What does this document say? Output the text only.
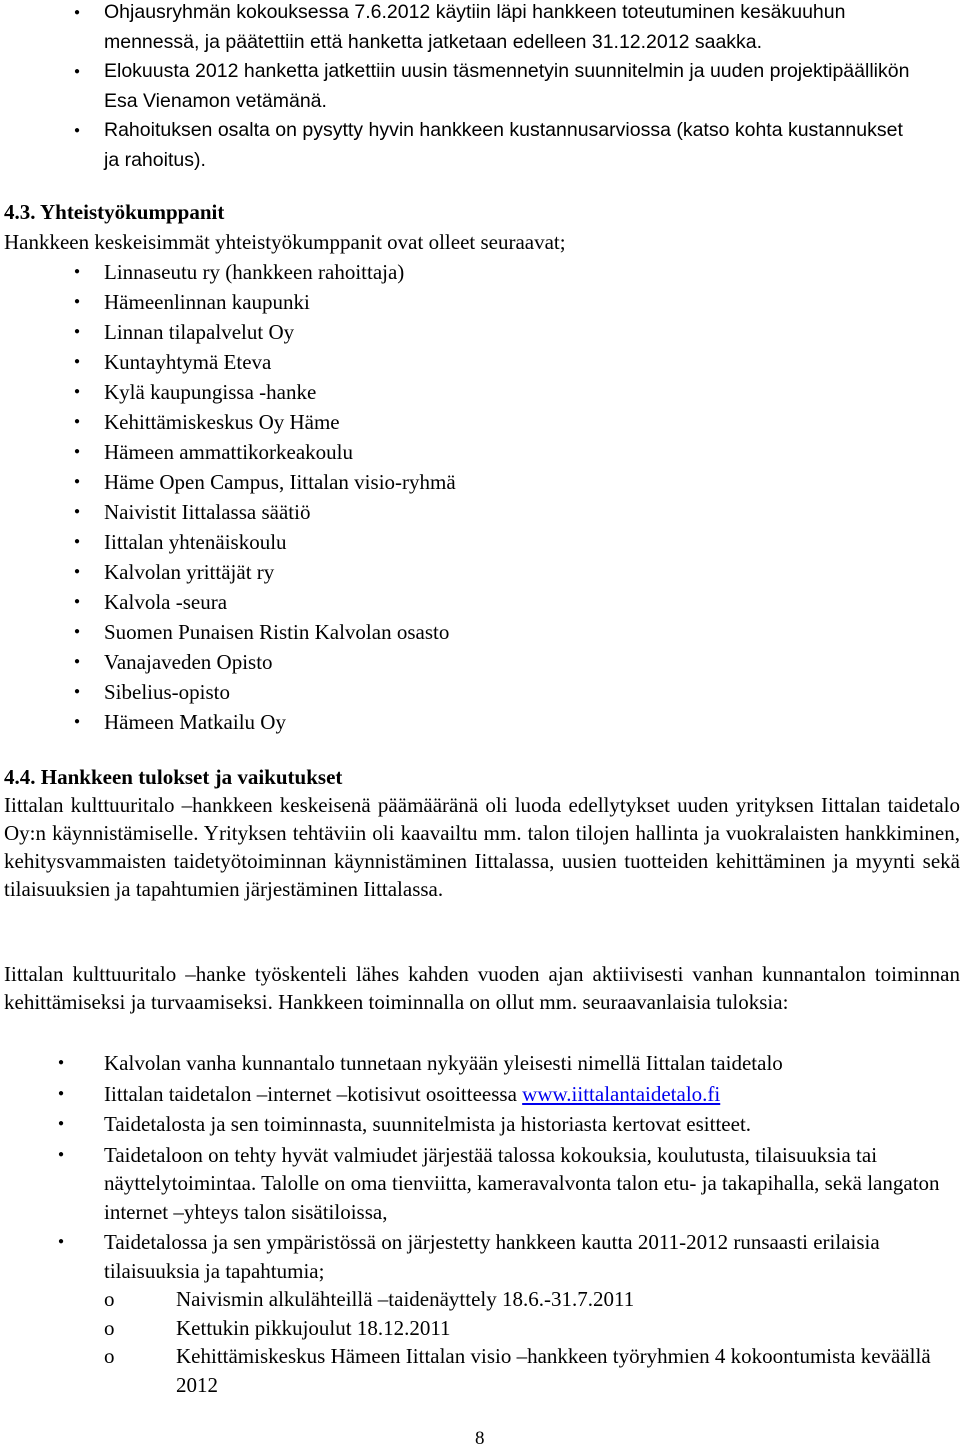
● Ohjausryhmän kokouksessa 7.6.2012 käytiin läpi hankkeen toteutuminen kesäkuuhun mennessä, ja päätettiin että hanketta jatketaan edelleen 31.12.2012 saakka.
● Elokuusta 2012 hanketta jatkettiin uusin täsmennetyin suunnitelmin ja uuden projektipäällikön Esa Vienamon vetämänä.
● Rahoituksen osalta on pysytty hyvin hankkeen kustannusarviossa (katso kohta kustannukset ja rahoitus).
4.3. Yhteistyökumppanit
Hankkeen keskeisimmät yhteistyökumppanit ovat olleet seuraavat;
● Linnaseutu ry (hankkeen rahoittaja)
● Hämeenlinnan kaupunki
● Linnan tilapalvelut Oy
● Kuntayhtymä Eteva
● Kylä kaupungissa -hanke
● Kehittämiskeskus Oy Häme
● Hämeen ammattikorkeakoulu
● Häme Open Campus, Iittalan visio-ryhmä
● Naivistit Iittalassa säätiö
● Iittalan yhtenäiskoulu
● Kalvolan yrittäjät ry
● Kalvola -seura
● Suomen Punaisen Ristin Kalvolan osasto
● Vanajaveden Opisto
● Sibelius-opisto
● Hämeen Matkailu Oy
4.4. Hankkeen tulokset ja vaikutukset

Iittalan kulttuuritalo –hankkeen keskeisenä päämääränä oli luoda edellytykset uuden yrityksen Iittalan taidetalo Oy:n käynnistämiselle. Yrityksen tehtäviin oli kaavailtu mm. talon tilojen hallinta ja vuokralaisten hankkiminen, kehitysvammaisten taidetyötoiminnan käynnistäminen Iittalassa, uusien tuotteiden kehittäminen ja myynti sekä tilaisuuksien ja tapahtumien järjestäminen Iittalassa.

Iittalan kulttuuritalo –hanke työskenteli lähes kahden vuoden ajan aktiivisesti vanhan kunnantalon toiminnan kehittämiseksi ja turvaamiseksi. Hankkeen toiminnalla on ollut mm. seuraavanlaisia tuloksia:

● Kalvolan vanha kunnantalo tunnetaan nykyään yleisesti nimellä Iittalan taidetalo
● Iittalan taidetalon –internet –kotisivut osoitteessa www.iittalantaidetalo.fi
● Taidetalosta ja sen toiminnasta, suunnitelmista ja historiasta kertovat esitteet.
● Taidetaloon on tehty hyvät valmiudet järjestää talossa kokouksia, koulutusta, tilaisuuksia tai näyttelytoimintaa. Talolle on oma tienviitta, kameravalvonta talon etu- ja takapihalla, sekä langaton internet –yhteys talon sisätiloissa,
● Taidetalossa ja sen ympäristössä on järjestetty hankkeen kautta 2011-2012 runsaasti erilaisia tilaisuuksia ja tapahtumia;
o Naivismin alkulähteillä –taidenäyttely 18.6.-31.7.2011
o Kettukin pikkujoulut 18.12.2011
o Kehittämiskeskus Hämeen Iittalan visio –hankkeen työryhmien 4 kokoontumista keväällä 2012
8
